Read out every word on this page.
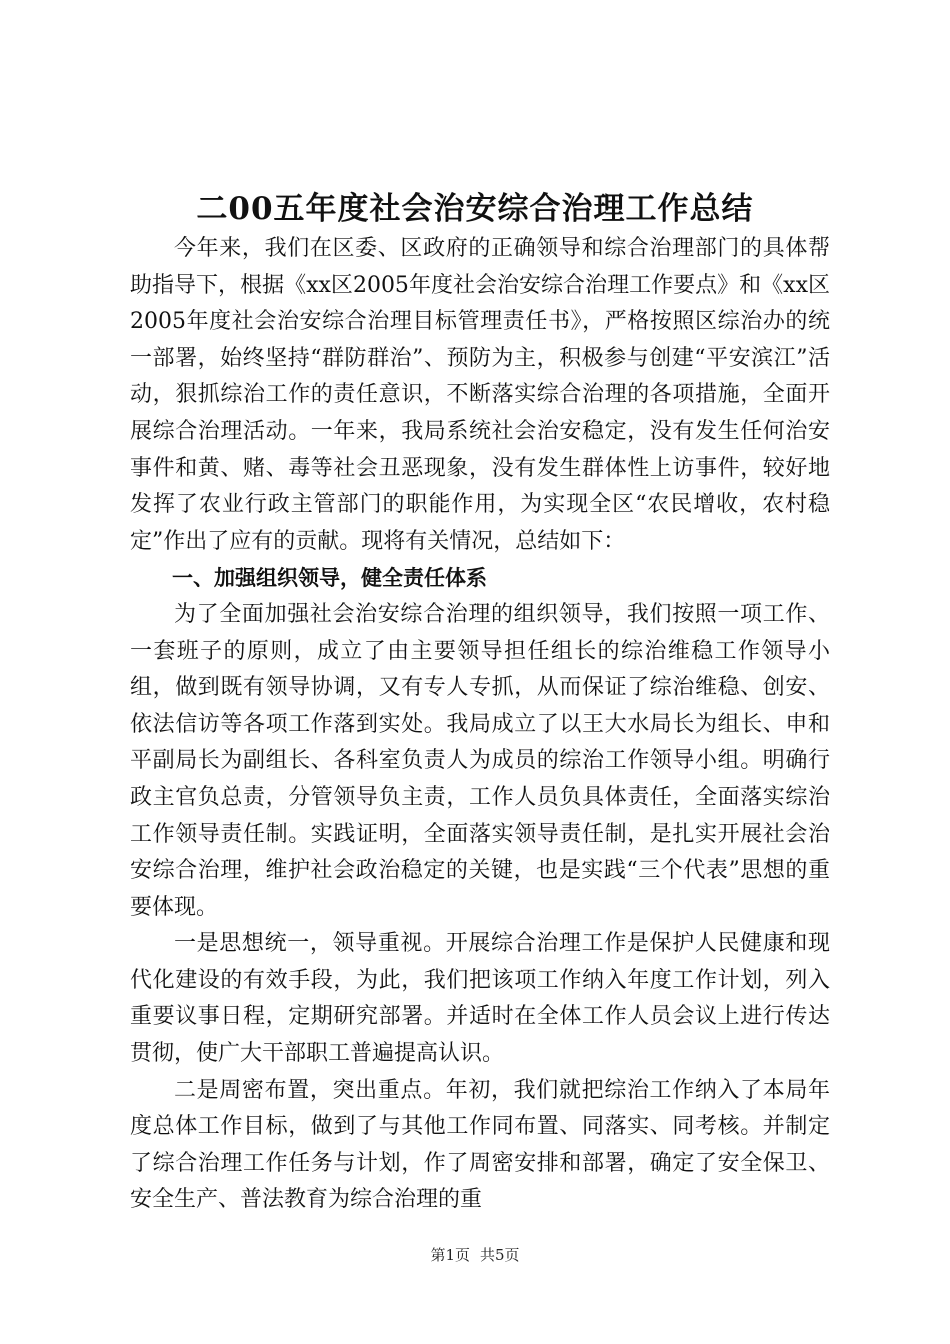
二00五年度社会治安综合治理工作总结

今年来，我们在区委、区政府的正确领导和综合治理部门的具体帮助指导下，根据《xx区2005年度社会治安综合治理工作要点》和《xx区2005年度社会治安综合治理目标管理责任书》，严格按照区综治办的统一部署，始终坚持“群防群治”、预防为主，积极参与创建“平安滨江”活动，狠抓综治工作的责任意识，不断落实综合治理的各项措施，全面开展综合治理活动。一年来，我局系统社会治安稳定，没有发生任何治安事件和黄、赌、毒等社会丑恶现象，没有发生群体性上访事件，较好地发挥了农业行政主管部门的职能作用，为实现全区“农民增收，农村稳定”作出了应有的贡献。现将有关情况，总结如下：

一、加强组织领导，健全责任体系

为了全面加强社会治安综合治理的组织领导，我们按照一项工作、一套班子的原则，成立了由主要领导担任组长的综治维稳工作领导小组，做到既有领导协调，又有专人专抓，从而保证了综治维稳、创安、依法信访等各项工作落到实处。我局成立了以王大水局长为组长、申和平副局长为副组长、各科室负责人为成员的综治工作领导小组。明确行政主官负总责，分管领导负主责，工作人员负具体责任，全面落实综治工作领导责任制。实践证明，全面落实领导责任制，是扎实开展社会治安综合治理，维护社会政治稳定的关键，也是实践“三个代表”思想的重要体现。

一是思想统一，领导重视。开展综合治理工作是保护人民健康和现代化建设的有效手段，为此，我们把该项工作纳入年度工作计划，列入重要议事日程，定期研究部署。并适时在全体工作人员会议上进行传达贯彻，使广大干部职工普遍提高认识。

二是周密布置，突出重点。年初，我们就把综治工作纳入了本局年度总体工作目标，做到了与其他工作同布置、同落实、同考核。并制定了综合治理工作任务与计划，作了周密安排和部署，确定了安全保卫、安全生产、普法教育为综合治理的重

第1页 共5页
